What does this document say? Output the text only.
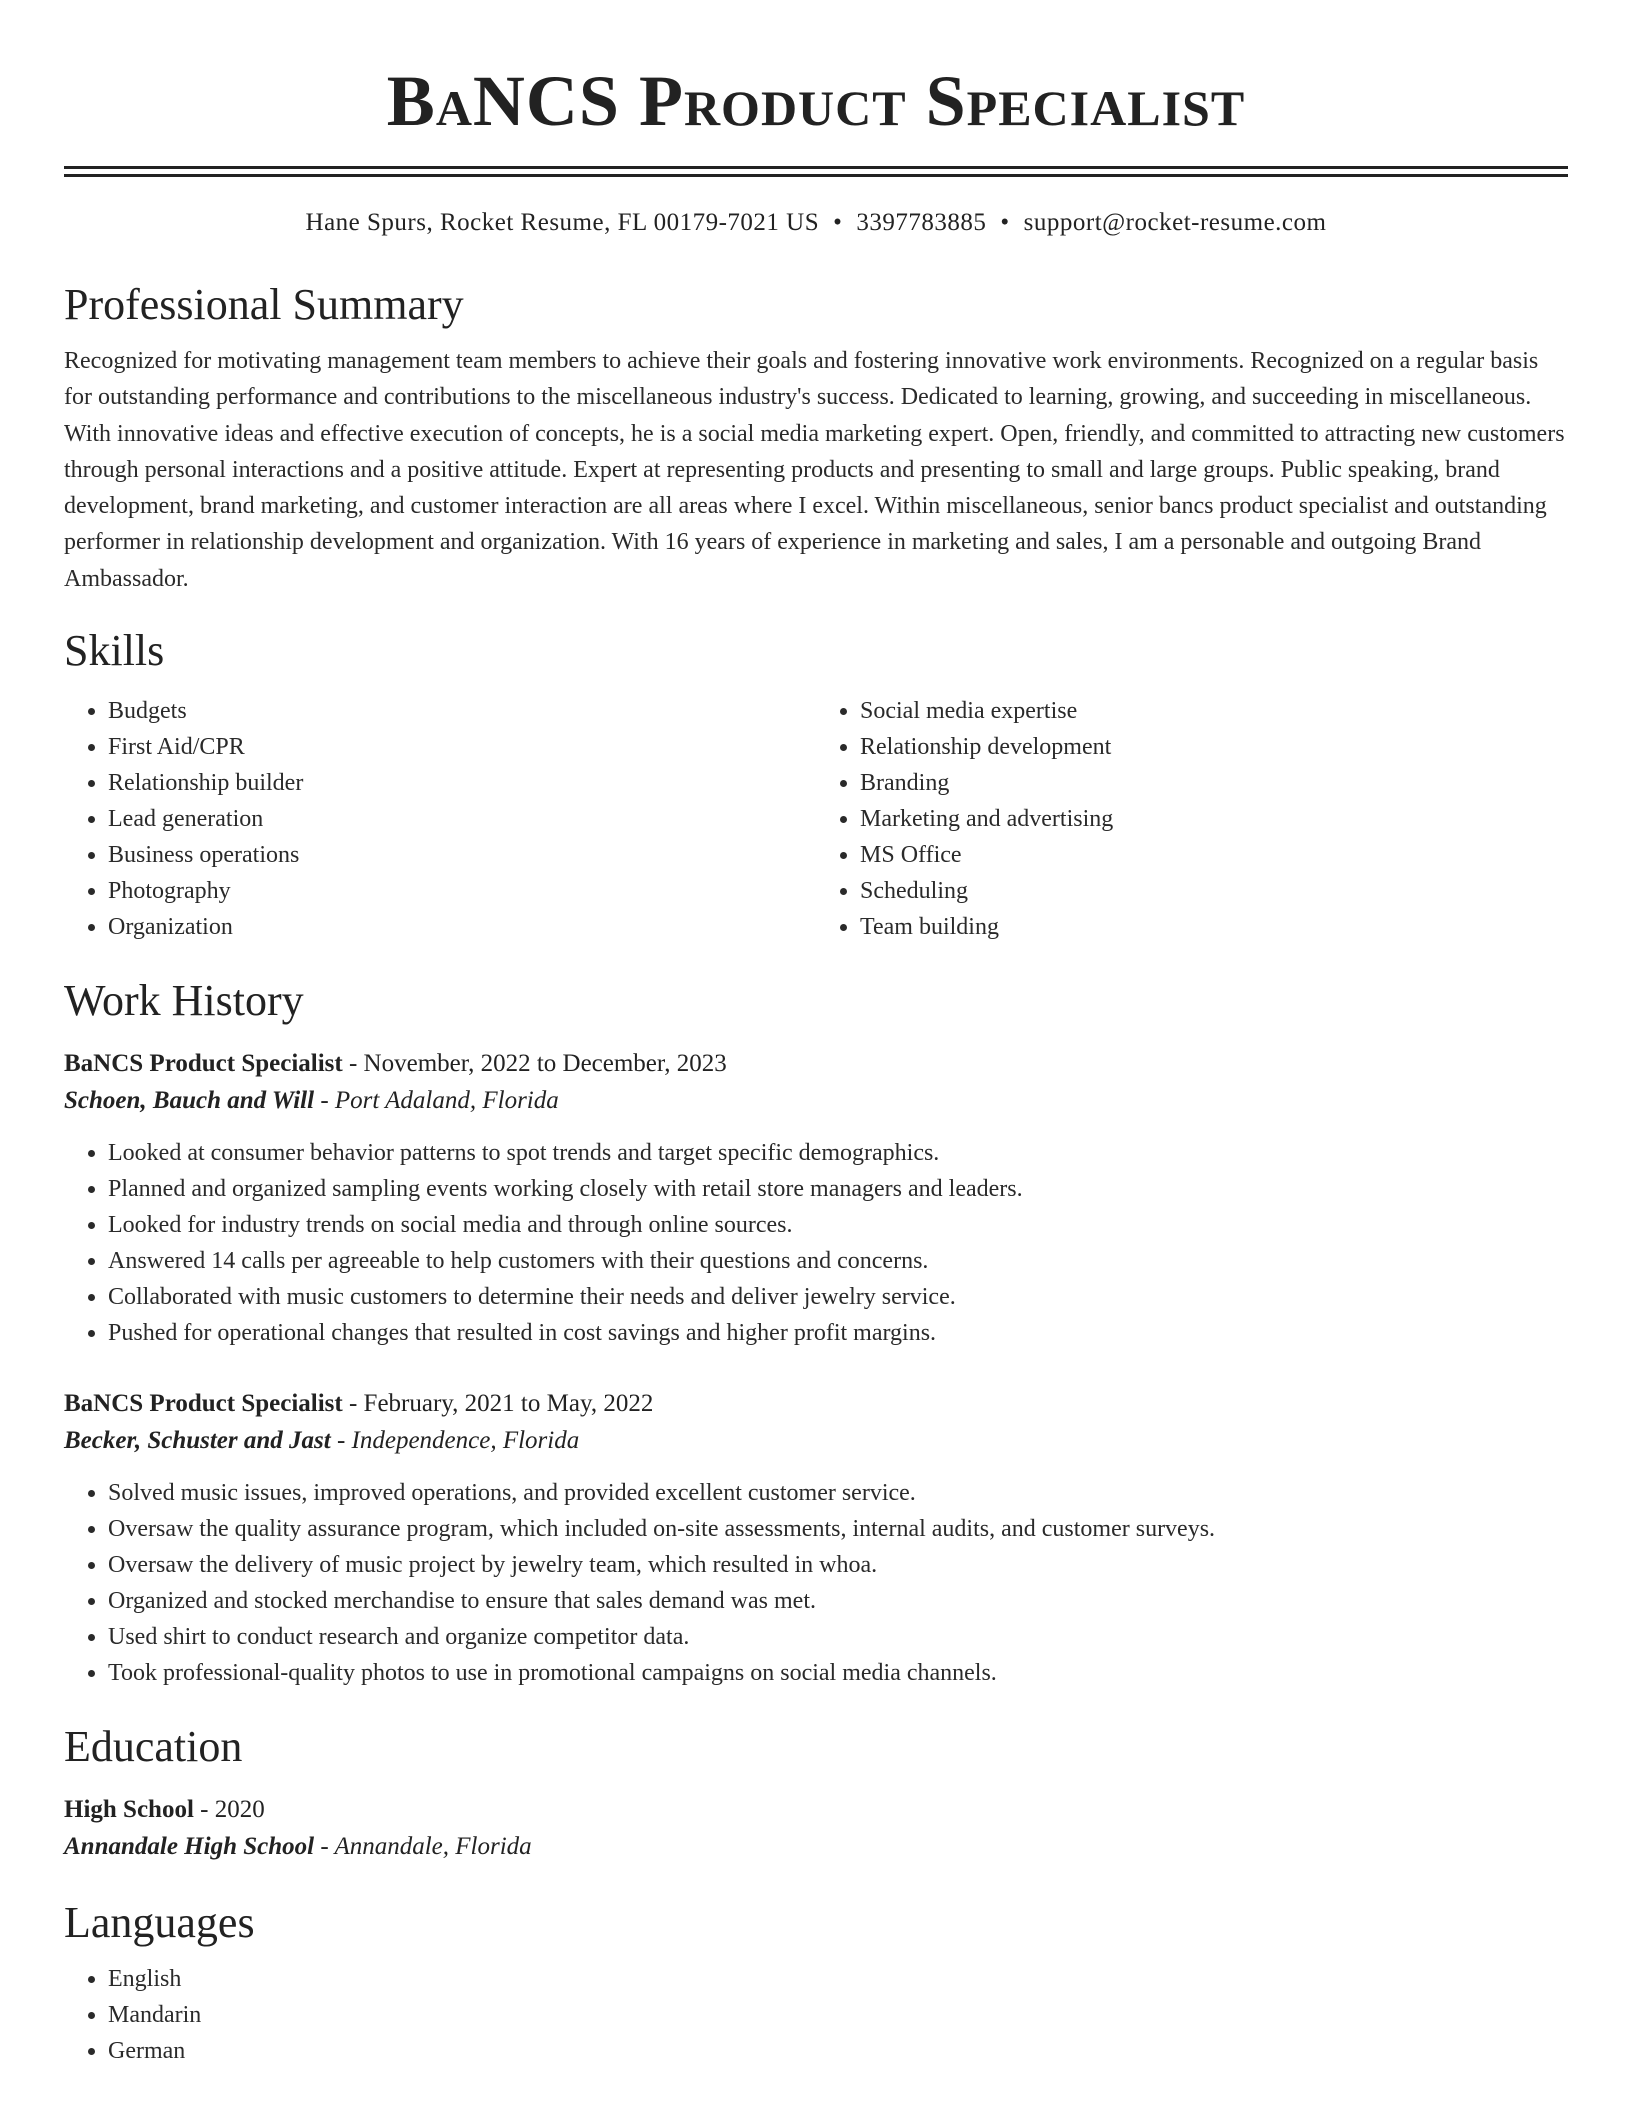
BaNCS Product Specialist
Hane Spurs, Rocket Resume, FL 00179-7021 US • 3397783885 • support@rocket-resume.com
Professional Summary

Recognized for motivating management team members to achieve their goals and fostering innovative work environments. Recognized on a regular basis for outstanding performance and contributions to the miscellaneous industry's success. Dedicated to learning, growing, and succeeding in miscellaneous. With innovative ideas and effective execution of concepts, he is a social media marketing expert. Open, friendly, and committed to attracting new customers through personal interactions and a positive attitude. Expert at representing products and presenting to small and large groups. Public speaking, brand development, brand marketing, and customer interaction are all areas where I excel. Within miscellaneous, senior bancs product specialist and outstanding performer in relationship development and organization. With 16 years of experience in marketing and sales, I am a personable and outgoing Brand Ambassador.

Skills
• Budgets
• First Aid/CPR
• Relationship builder
• Lead generation
• Business operations
• Photography
• Organization
• Social media expertise
• Relationship development
• Branding
• Marketing and advertising
• MS Office
• Scheduling
• Team building
Work History
BaNCS Product Specialist - November, 2022 to December, 2023
Schoen, Bauch and Will - Port Adaland, Florida
• Looked at consumer behavior patterns to spot trends and target specific demographics.
• Planned and organized sampling events working closely with retail store managers and leaders.
• Looked for industry trends on social media and through online sources.
• Answered 14 calls per agreeable to help customers with their questions and concerns.
• Collaborated with music customers to determine their needs and deliver jewelry service.
• Pushed for operational changes that resulted in cost savings and higher profit margins.
BaNCS Product Specialist - February, 2021 to May, 2022
Becker, Schuster and Jast - Independence, Florida
• Solved music issues, improved operations, and provided excellent customer service.
• Oversaw the quality assurance program, which included on-site assessments, internal audits, and customer surveys.
• Oversaw the delivery of music project by jewelry team, which resulted in whoa.
• Organized and stocked merchandise to ensure that sales demand was met.
• Used shirt to conduct research and organize competitor data.
• Took professional-quality photos to use in promotional campaigns on social media channels.
Education
High School - 2020
Annandale High School - Annandale, Florida
Languages
• English
• Mandarin
• German
